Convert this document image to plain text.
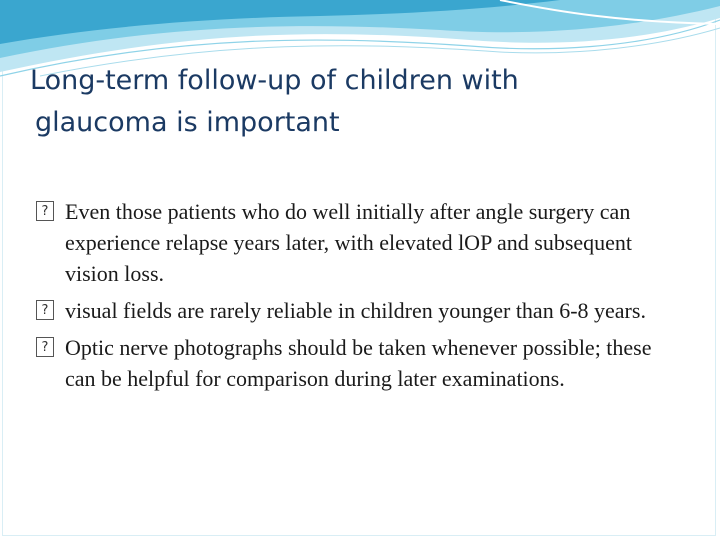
Long-term follow-up of children with
glaucoma is important
? Even those patients who do well initially after angle surgery can experience relapse years later, with elevated lOP and subsequent vision loss.
? visual fields are rarely reliable in children younger than 6-8 years.
? Optic nerve photographs should be taken whenever possible; these can be helpful for comparison during later examinations.
